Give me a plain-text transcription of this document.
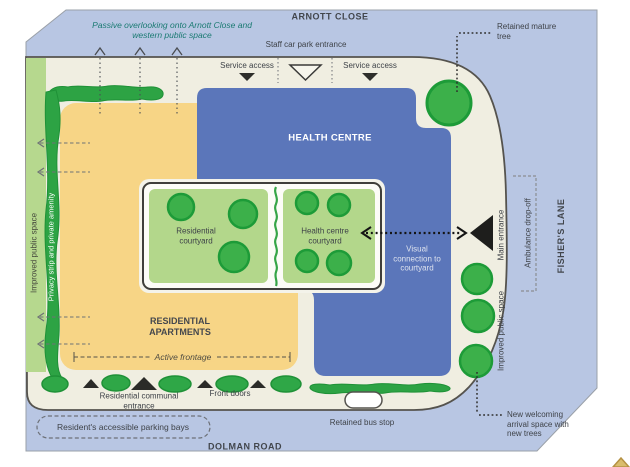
ARNOTT CLOSE
Passive overlooking onto Arnott Close and western public space
Staff car park entrance
Service access	Service access
Retained mature tree
HEALTH CENTRE
RESIDENTIAL APARTMENTS
Residential courtyard
Health centre courtyard
Visual connection to courtyard
Active frontage
Improved public space Privacy strip and private amenity	Main entrance Ambulance drop-off	FISHER'S LANE
Improved public space
Residential communal entrance
Front doors
Retained bus stop
Resident's accessible parking bays
DOLMAN ROAD
New welcoming arrival space with new trees
